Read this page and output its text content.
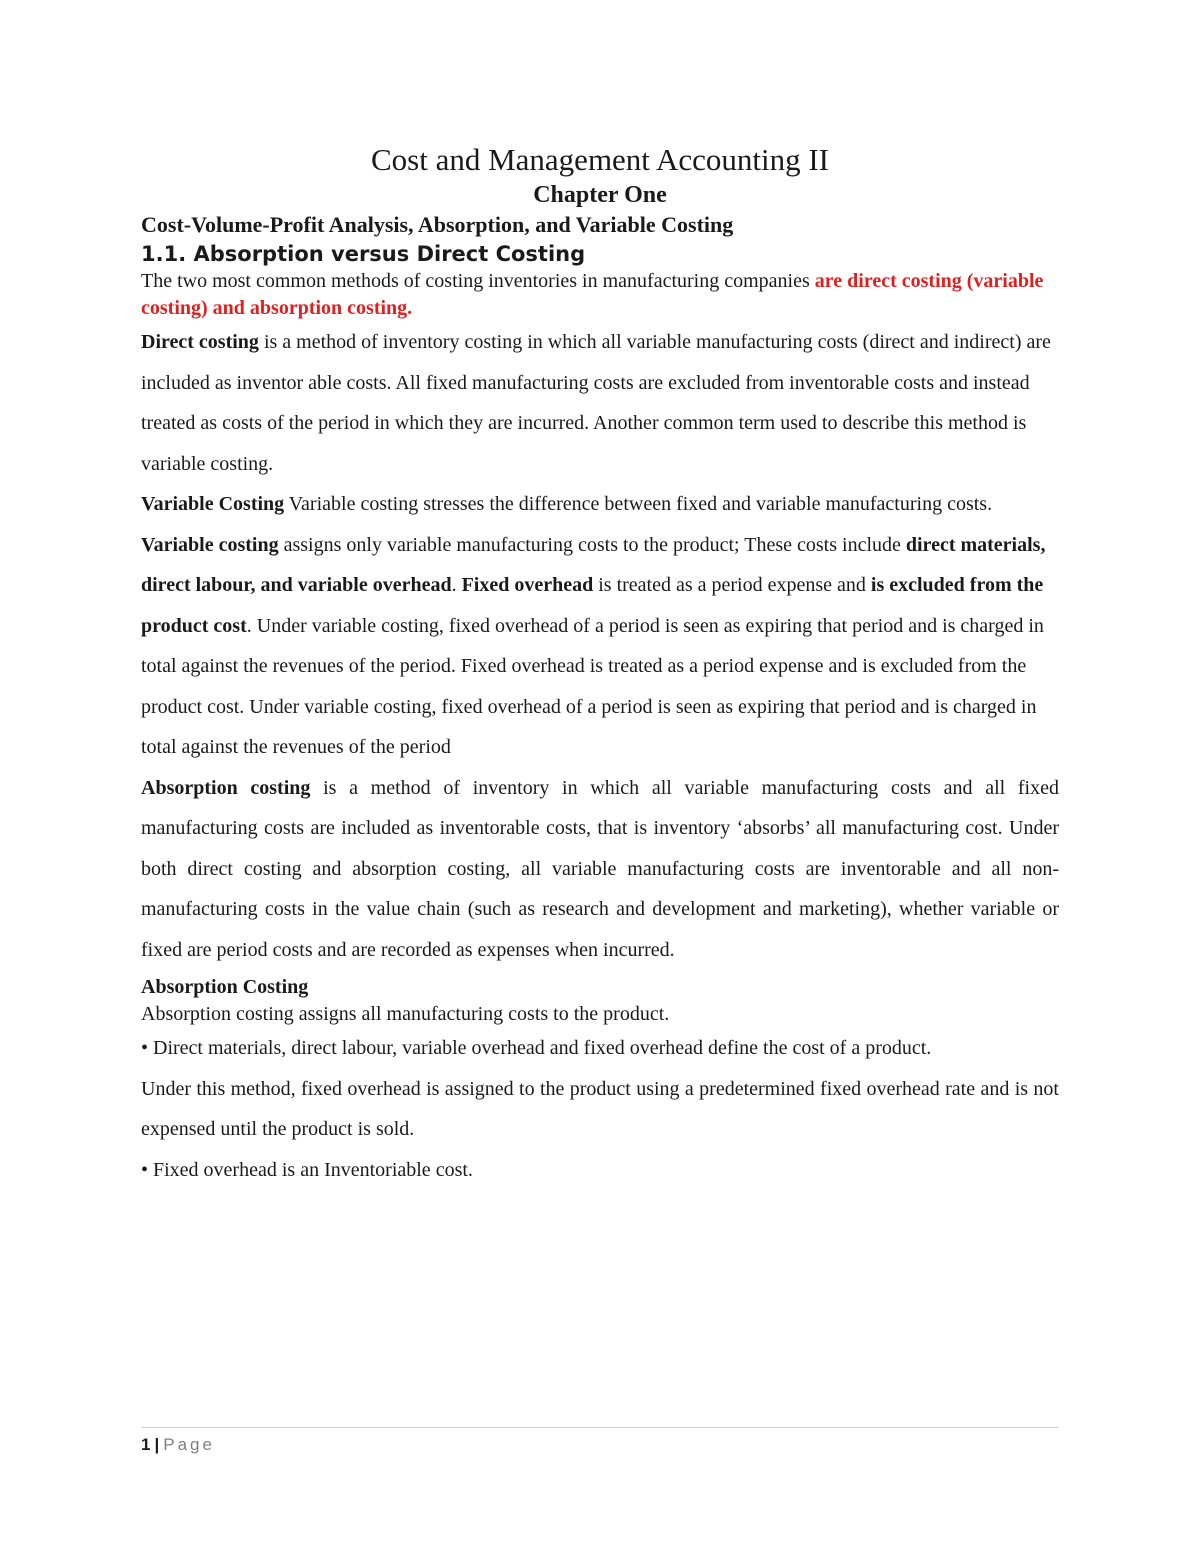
Cost and Management Accounting II
Chapter One
Cost-Volume-Profit Analysis, Absorption, and Variable Costing
1.1. Absorption versus Direct Costing

The two most common methods of costing inventories in manufacturing companies are direct costing (variable costing) and absorption costing.

Direct costing is a method of inventory costing in which all variable manufacturing costs (direct and indirect) are included as inventor able costs. All fixed manufacturing costs are excluded from inventorable costs and instead treated as costs of the period in which they are incurred. Another common term used to describe this method is variable costing.

Variable Costing Variable costing stresses the difference between fixed and variable manufacturing costs.

Variable costing assigns only variable manufacturing costs to the product; These costs include direct materials, direct labour, and variable overhead. Fixed overhead is treated as a period expense and is excluded from the product cost. Under variable costing, fixed overhead of a period is seen as expiring that period and is charged in total against the revenues of the period. Fixed overhead is treated as a period expense and is excluded from the product cost. Under variable costing, fixed overhead of a period is seen as expiring that period and is charged in total against the revenues of the period

Absorption costing is a method of inventory in which all variable manufacturing costs and all fixed manufacturing costs are included as inventorable costs, that is inventory ‘absorbs’ all manufacturing cost. Under both direct costing and absorption costing, all variable manufacturing costs are inventorable and all non-manufacturing costs in the value chain (such as research and development and marketing), whether variable or fixed are period costs and are recorded as expenses when incurred.

Absorption Costing

Absorption costing assigns all manufacturing costs to the product.

• Direct materials, direct labour, variable overhead and fixed overhead define the cost of a product.

Under this method, fixed overhead is assigned to the product using a predetermined fixed overhead rate and is not expensed until the product is sold.

• Fixed overhead is an Inventoriable cost.

1 | Page
